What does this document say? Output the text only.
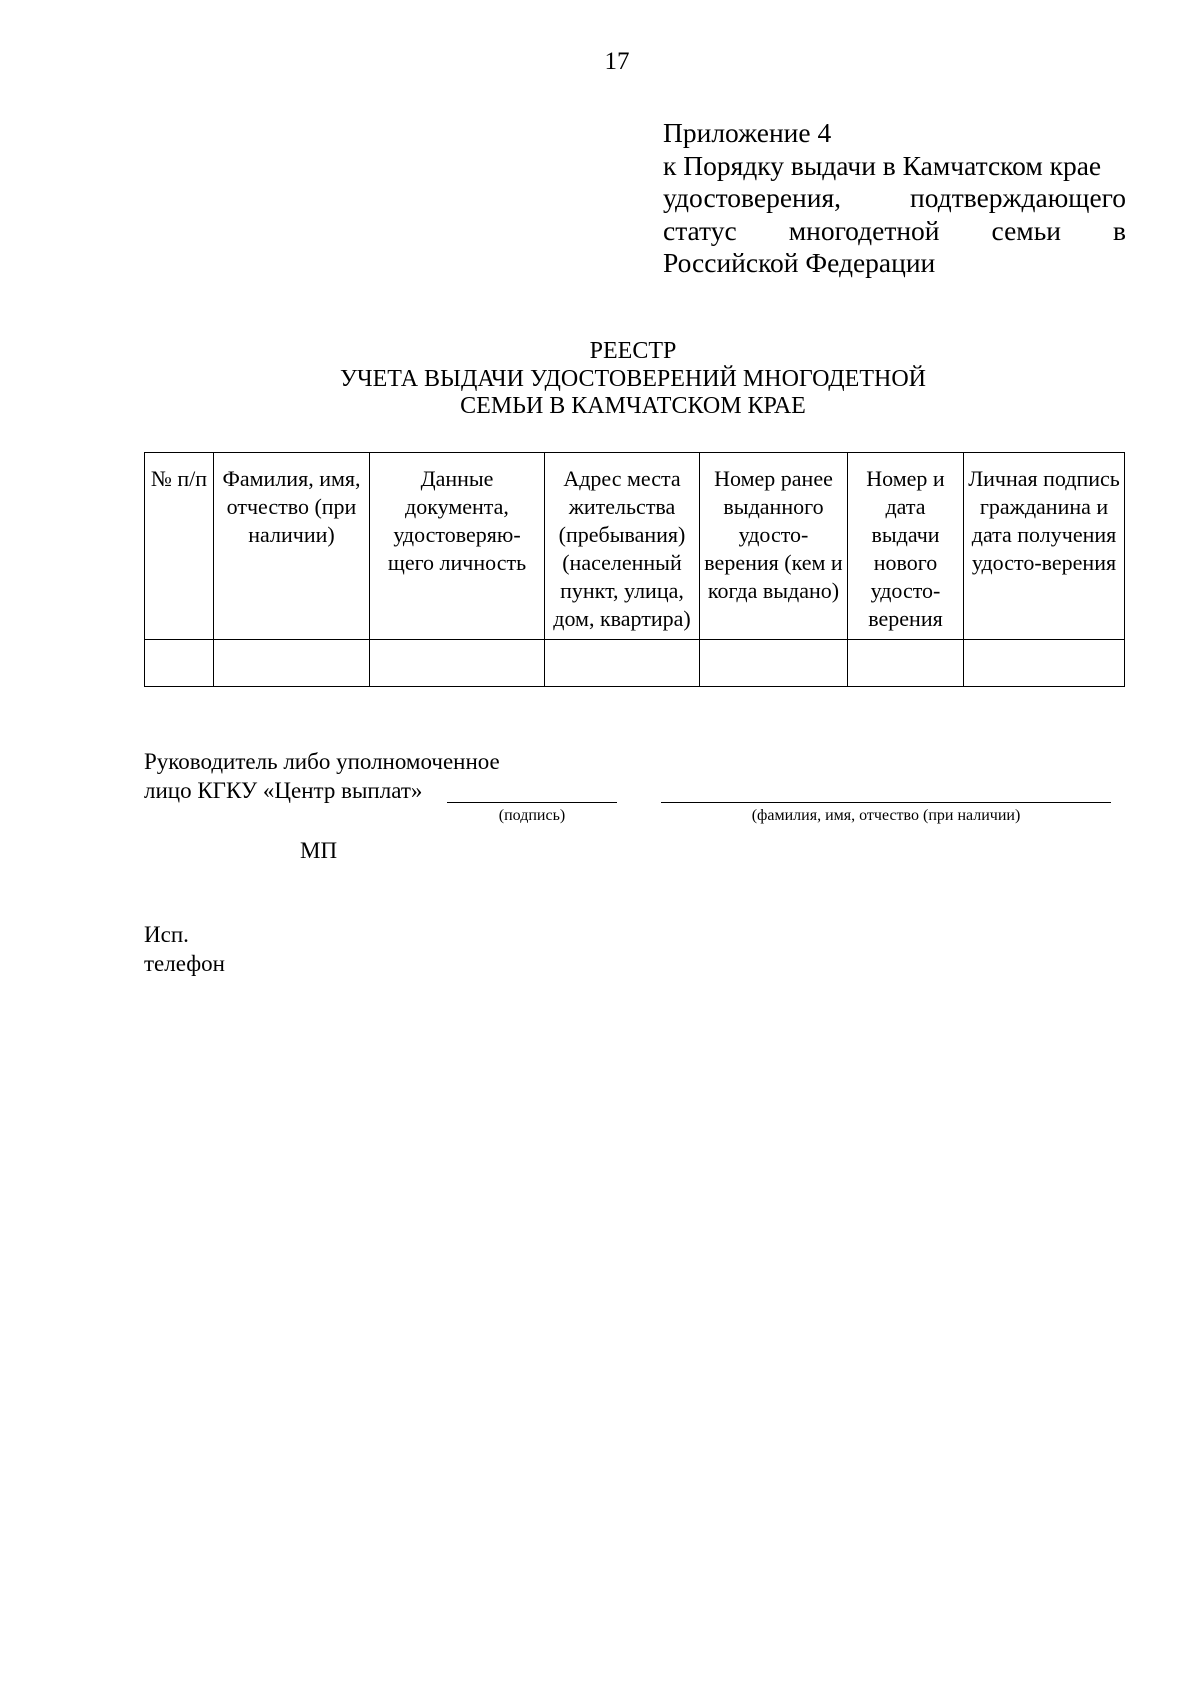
17
Приложение 4
к Порядку выдачи в Камчатском крае
удостоверения, подтверждающего статус многодетной семьи в
Российской Федерации
РЕЕСТР
УЧЕТА ВЫДАЧИ УДОСТОВЕРЕНИЙ МНОГОДЕТНОЙ
СЕМЬИ В КАМЧАТСКОМ КРАЕ
№ п/п	Фамилия, имя, отчество (при наличии)	Данные документа, удостоверяю-щего личность	Адрес места жительства (пребывания) (населенный пункт, улица, дом, квартира)	Номер ранее выданного удосто-верения (кем и когда выдано)	Номер и дата выдачи нового удосто-верения	Личная подпись гражданина и дата получения удосто-верения

Руководитель либо уполномоченное
лицо КГКУ «Центр выплат»
(подпись)	(фамилия, имя, отчество (при наличии)
МП
Исп.
телефон
